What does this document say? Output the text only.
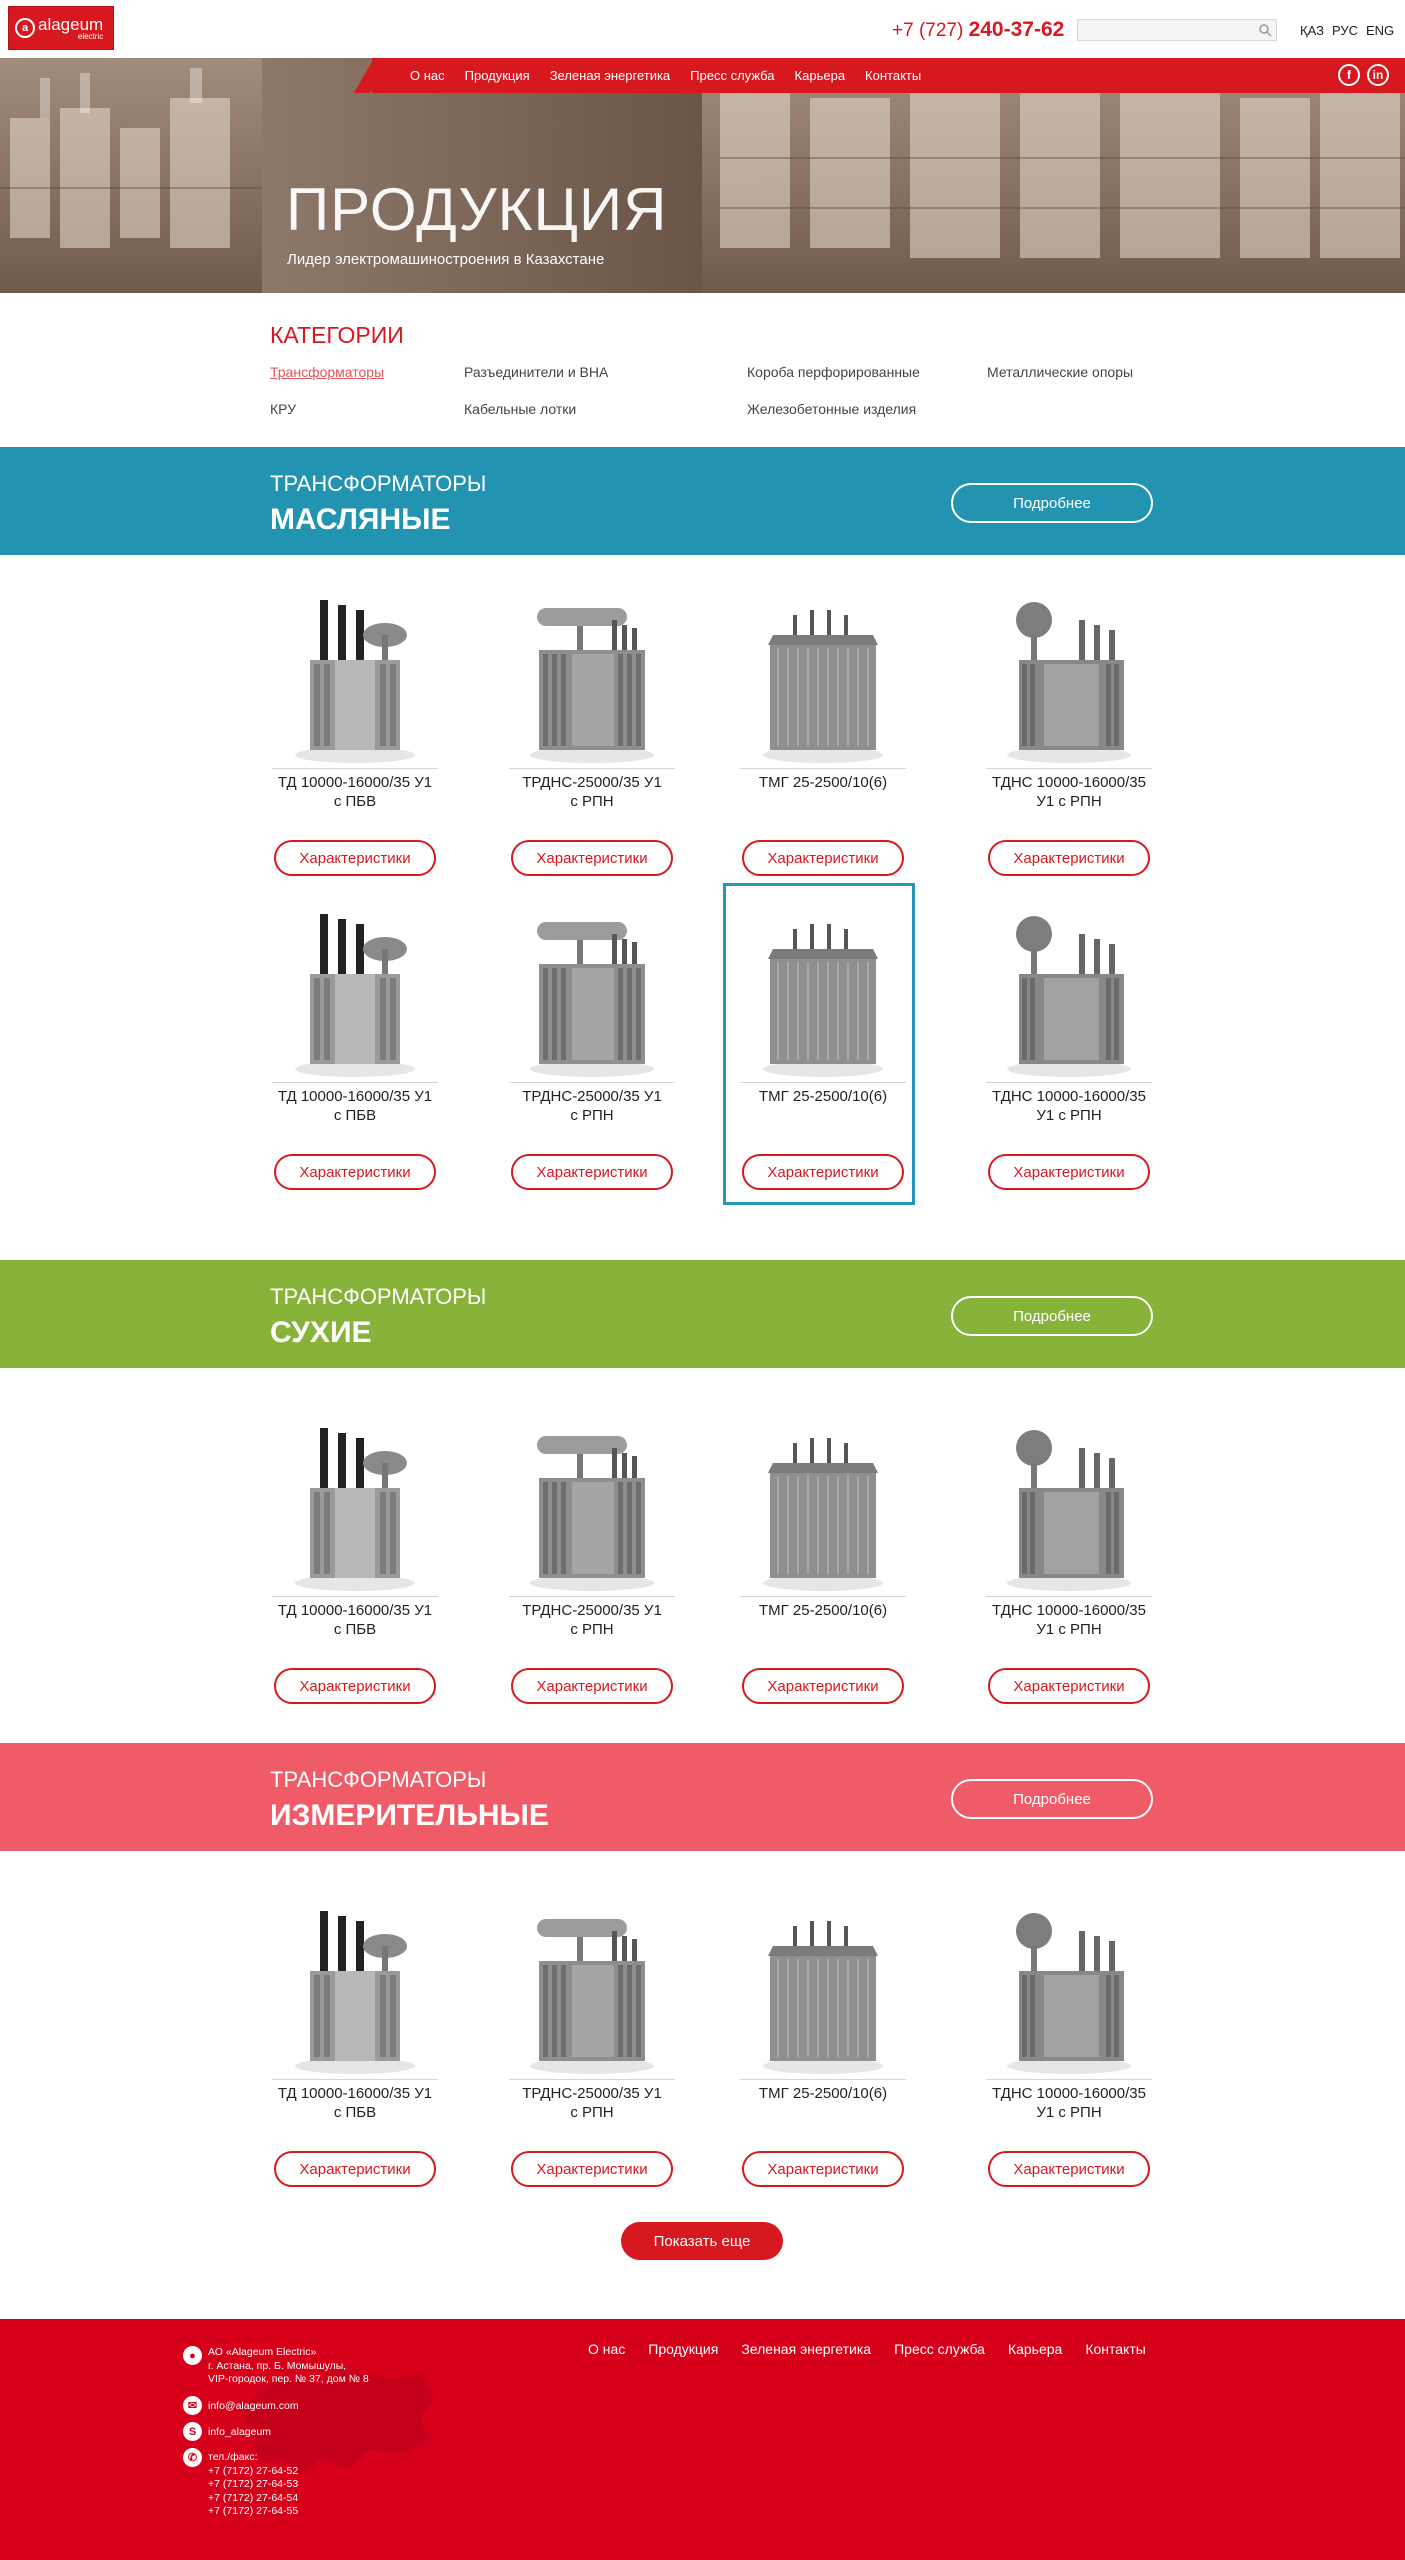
a alageum
electric	+7 (727) 240-37-62	ҚАЗ РУС ENG
ПРОДУКЦИЯ
Лидер электромашиностроения в Казахстане
О нас Продукция Зеленая энергетика Пресс служба Карьера Контакты	f	in
КАТЕГОРИИ
Трансформаторы	Разъединители и ВНА	Короба перфорированные	Металлические опоры
КРУ	Кабельные лотки	Железобетонные изделия
ТРАНСФОРМАТОРЫ
МАСЛЯНЫЕ	Подробнее
ТРАНСФОРМАТОРЫ
СУХИЕ	Подробнее
ТРАНСФОРМАТОРЫ
ИЗМЕРИТЕЛЬНЫЕ	Подробнее
ТД 10000-16000/35 У1
с ПБВ
Характеристики
ТРДНС-25000/35 У1
с РПН
Характеристики
ТМГ 25-2500/10(6)
Характеристики
ТДНС 10000-16000/35
У1 с РПН
Характеристики
ТД 10000-16000/35 У1
с ПБВ
Характеристики
ТРДНС-25000/35 У1
с РПН
Характеристики
ТМГ 25-2500/10(6)
Характеристики
ТДНС 10000-16000/35
У1 с РПН
Характеристики
ТД 10000-16000/35 У1
с ПБВ
Характеристики
ТРДНС-25000/35 У1
с РПН
Характеристики
ТМГ 25-2500/10(6)
Характеристики
ТДНС 10000-16000/35
У1 с РПН
Характеристики
ТД 10000-16000/35 У1
с ПБВ
Характеристики
ТРДНС-25000/35 У1
с РПН
Характеристики
ТМГ 25-2500/10(6)
Характеристики
ТДНС 10000-16000/35
У1 с РПН
Характеристики
Показать еще
●	АО «Alageum Electric»
г. Астана, пр. Б. Момышулы,
VIP-городок, пер. № 37, дом № 8
✉	info@alageum.com
S	info_alageum
✆	тел./факс:
+7 (7172) 27-64-52
+7 (7172) 27-64-53
+7 (7172) 27-64-54
+7 (7172) 27-64-55
О нас Продукция Зеленая энергетика Пресс служба Карьера Контакты
